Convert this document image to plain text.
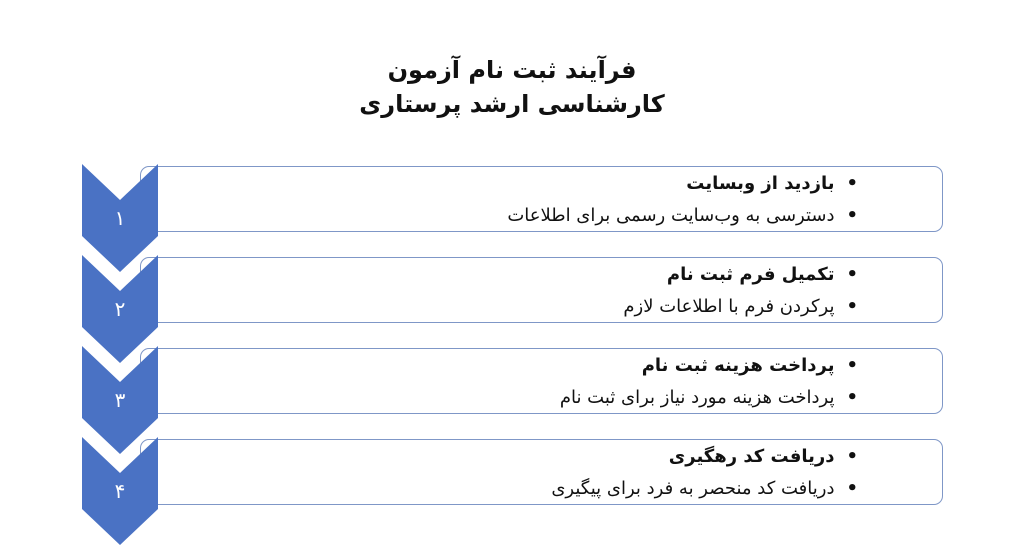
فرآیند ثبت نام آزمون
کارشناسی ارشد پرستاری
•بازدید از وبسایت
•دسترسی به وب‌سایت رسمی برای اطلاعات
۱
•تکمیل فرم ثبت نام
•پرکردن فرم با اطلاعات لازم
۲
•پرداخت هزینه ثبت نام
•پرداخت هزینه مورد نیاز برای ثبت نام
۳
•دریافت کد رهگیری
•دریافت کد منحصر به فرد برای پیگیری
۴
